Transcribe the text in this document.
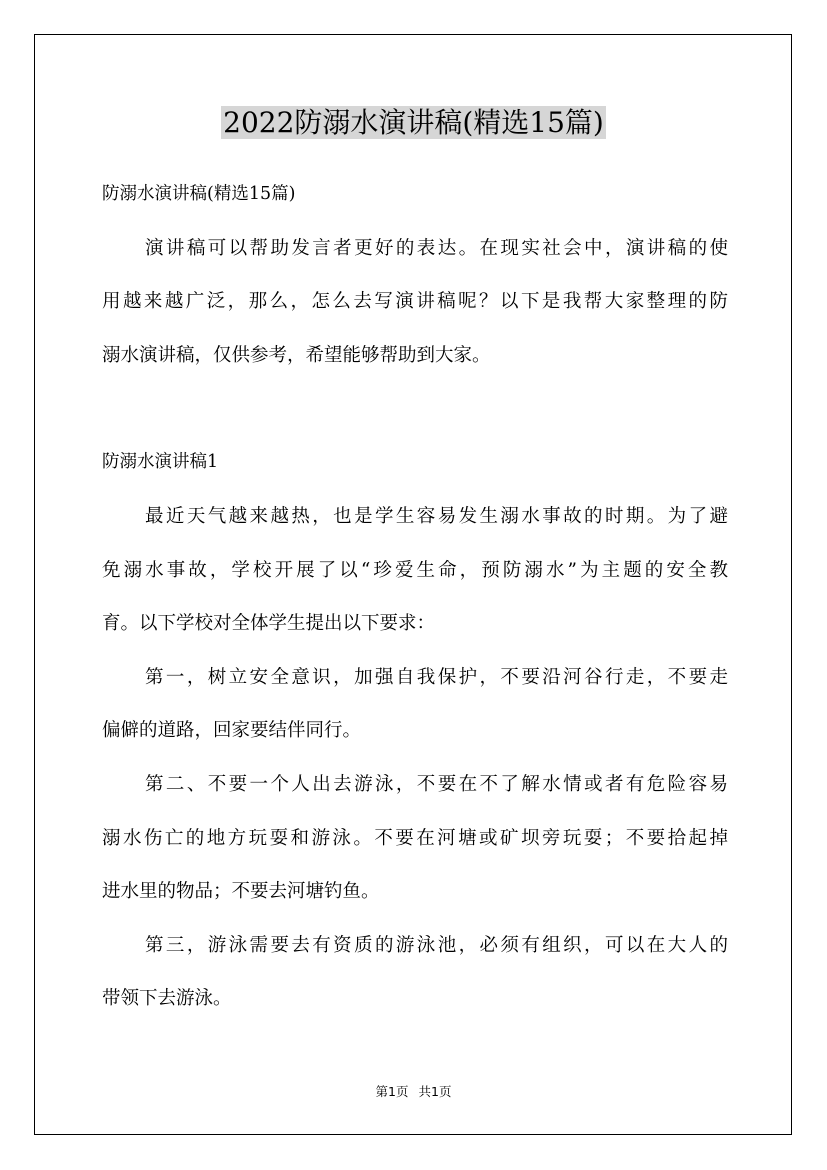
2022防溺水演讲稿(精选15篇)

防溺水演讲稿(精选15篇)

演讲稿可以帮助发言者更好的表达。在现实社会中，演讲稿的使

用越来越广泛，那么，怎么去写演讲稿呢？以下是我帮大家整理的防

溺水演讲稿，仅供参考，希望能够帮助到大家。

防溺水演讲稿1

最近天气越来越热，也是学生容易发生溺水事故的时期。为了避

免溺水事故，学校开展了以“珍爱生命，预防溺水”为主题的安全教

育。以下学校对全体学生提出以下要求：

第一，树立安全意识，加强自我保护，不要沿河谷行走，不要走

偏僻的道路，回家要结伴同行。

第二、不要一个人出去游泳，不要在不了解水情或者有危险容易

溺水伤亡的地方玩耍和游泳。不要在河塘或矿坝旁玩耍；不要拾起掉

进水里的物品；不要去河塘钓鱼。

第三，游泳需要去有资质的游泳池，必须有组织，可以在大人的

带领下去游泳。

第1页 共1页
